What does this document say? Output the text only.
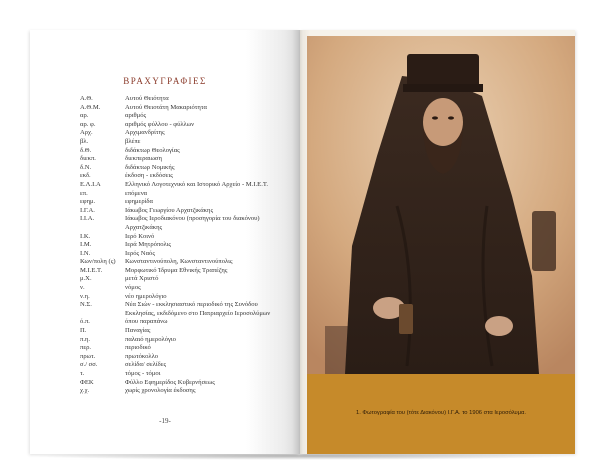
ΒΡΑΧΥΓΡΑΦΙΕΣ
Α.Θ.	Αυτού Θειότητα
Α.Θ.Μ.	Αυτού Θειοτάτη Μακαριότητα
αρ.	αριθμός
αρ. φ.	αριθμός φύλλου - φύλλων
Αρχ.	Αρχιμανδρίτης
βλ.	βλέπε
δ.Θ.	διδάκτωρ Θεολογίας
διεκπ.	διεκπεραιωση
δ.Ν.	διδάκτωρ Νομικής
εκδ.	έκδοση - εκδόσεις
Ε.Λ.Ι.Α	Ελληνικό Λογοτεχνικό και Ιστορικό Αρχείο - Μ.Ι.Ε.Τ.
επ.	επόμενα
εφημ.	εφημερίδα
Ι.Γ.Α.	Ιάκωβος Γεωργίου Αρχατζικάκης
Ι.Ι.Α.	Ιάκωβος Ιεροδιακόνου (προσηγορία του διακόνου) Αρχατζικάκης
Ι.Κ.	Ιερό Κοινό
Ι.Μ.	Ιερά Μητρόπολις
Ι.Ν.	Ιερός Ναός
Κων/πολη (ς)	Κωνσταντινούπολη, Κωνσταντινούπολις
Μ.Ι.Ε.Τ.	Μορφωτικό Ίδρυμα Εθνικής Τραπέζης
μ.Χ.	μετά Χριστό
ν.	νόμος
ν.η.	νέο ημερολόγιο
Ν.Σ.	Νέα Σιών - εκκλησιαστικό περιοδικό της Συνόδου Εκκλησίας, εκδιδόμενο στο Πατριαρχείο Ιεροσολύμων
ό.π.	όπου παραπάνω
Π.	Παναγίας
π.η.	παλαιό ημερολόγιο
περ.	περιοδικό
πρωτ.	πρωτόκολλο
σ./ σσ.	σελίδα/ σελίδες
τ.	τόμος - τόμοι
ΦΕΚ	Φύλλο Εφημερίδος Κυβερνήσεως
χ.χ.	χωρίς χρονολογία έκδοσης
-19-
1. Φωτογραφία του (τότε Διακόνου) Ι.Γ.Α. το 1906 στα Ιεροσόλυμα.
